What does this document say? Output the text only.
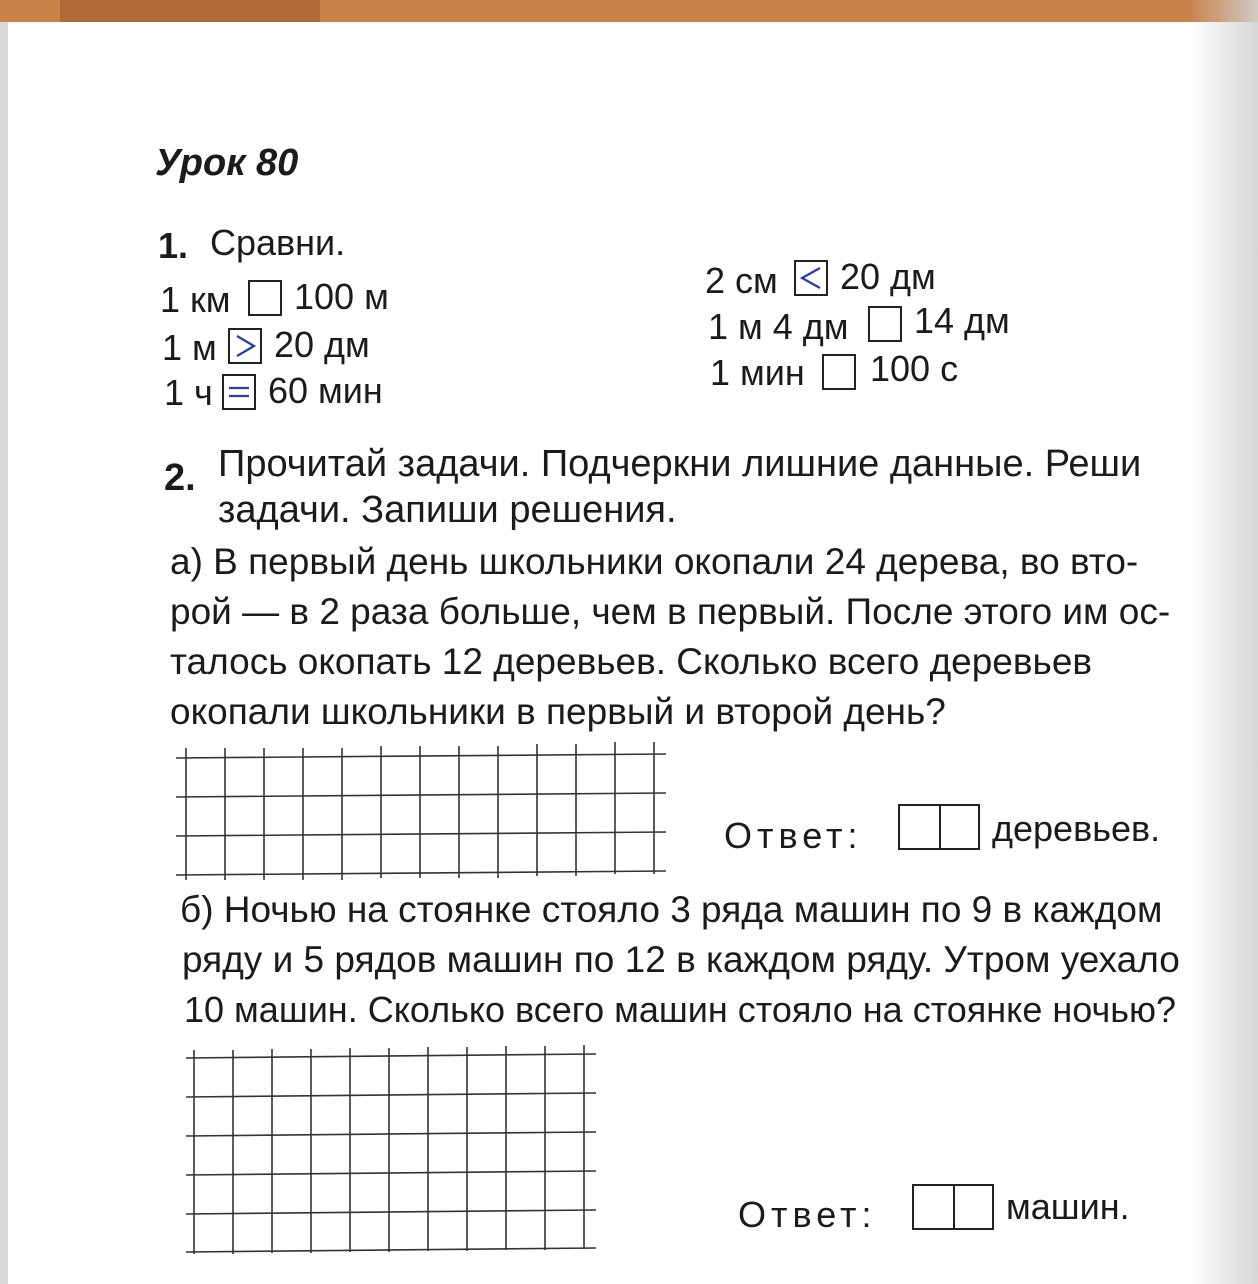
Урок 80
1. Сравни.
1 км 100 м
1 м 20 дм
1 ч 60 мин
2 см 20 дм
1 м 4 дм 14 дм
1 мин 100 с
2. Прочитай задачи. Подчеркни лишние данные. Реши
задачи. Запиши решения.
а) В первый день школьники окопали 24 дерева, во вто-
рой — в 2 раза больше, чем в первый. После этого им ос-
талось окопать 12 деревьев. Сколько всего деревьев
окопали школьники в первый и второй день?
Ответ:	деревьев.
б) Ночью на стоянке стояло 3 ряда машин по 9 в каждом
ряду и 5 рядов машин по 12 в каждом ряду. Утром уехало
10 машин. Сколько всего машин стояло на стоянке ночью?
Ответ:	машин.
